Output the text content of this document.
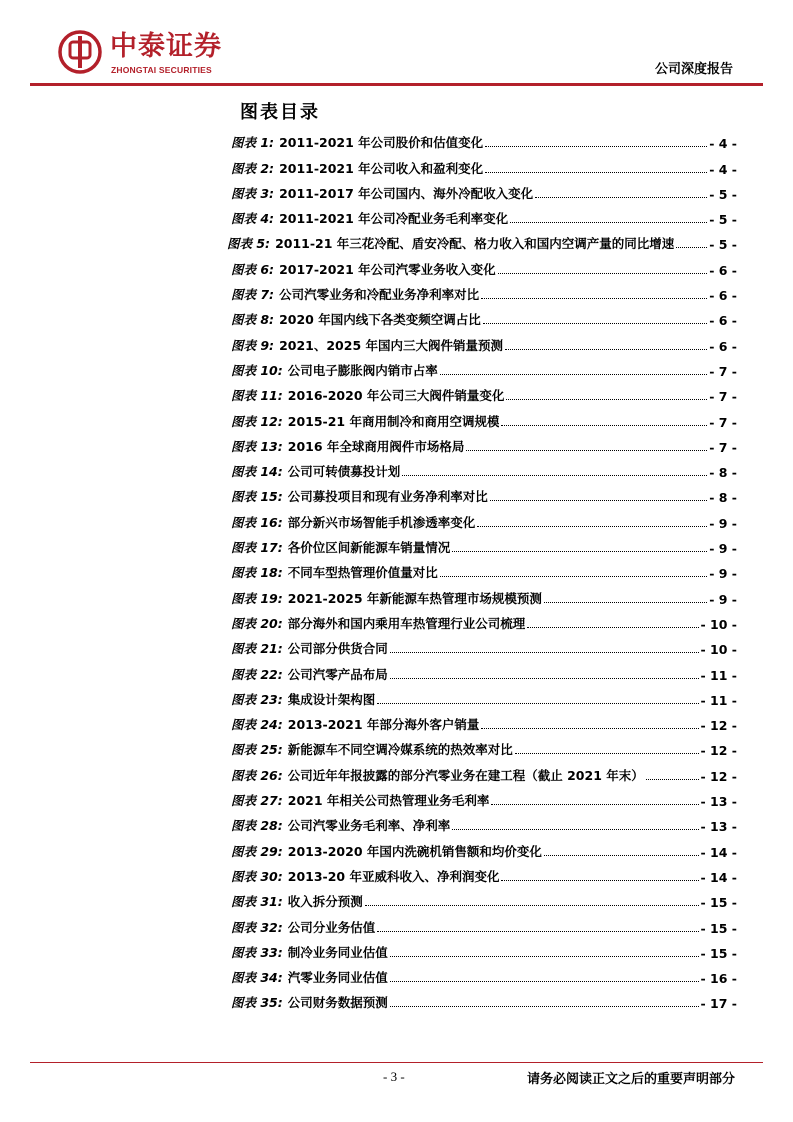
中泰证券
ZHONGTAI SECURITIES	公司深度报告
图表目录
图表 1: 2011-2021 年公司股价和估值变化	- 4 -
图表 2: 2011-2021 年公司收入和盈利变化	- 4 -
图表 3: 2011-2017 年公司国内、海外冷配收入变化	- 5 -
图表 4: 2011-2021 年公司冷配业务毛利率变化	- 5 -
图表 5: 2011-21 年三花冷配、盾安冷配、格力收入和国内空调产量的同比增速	- 5 -
图表 6: 2017-2021 年公司汽零业务收入变化	- 6 -
图表 7: 公司汽零业务和冷配业务净利率对比	- 6 -
图表 8: 2020 年国内线下各类变频空调占比	- 6 -
图表 9: 2021、2025 年国内三大阀件销量预测	- 6 -
图表 10: 公司电子膨胀阀内销市占率	- 7 -
图表 11: 2016-2020 年公司三大阀件销量变化	- 7 -
图表 12: 2015-21 年商用制冷和商用空调规模	- 7 -
图表 13: 2016 年全球商用阀件市场格局	- 7 -
图表 14: 公司可转债募投计划	- 8 -
图表 15: 公司募投项目和现有业务净利率对比	- 8 -
图表 16: 部分新兴市场智能手机渗透率变化	- 9 -
图表 17: 各价位区间新能源车销量情况	- 9 -
图表 18: 不同车型热管理价值量对比	- 9 -
图表 19: 2021-2025 年新能源车热管理市场规模预测	- 9 -
图表 20: 部分海外和国内乘用车热管理行业公司梳理	- 10 -
图表 21: 公司部分供货合同	- 10 -
图表 22: 公司汽零产品布局	- 11 -
图表 23: 集成设计架构图	- 11 -
图表 24: 2013-2021 年部分海外客户销量	- 12 -
图表 25: 新能源车不同空调冷媒系统的热效率对比	- 12 -
图表 26: 公司近年年报披露的部分汽零业务在建工程（截止 2021 年末）	- 12 -
图表 27: 2021 年相关公司热管理业务毛利率	- 13 -
图表 28: 公司汽零业务毛利率、净利率	- 13 -
图表 29: 2013-2020 年国内洗碗机销售额和均价变化	- 14 -
图表 30: 2013-20 年亚威科收入、净利润变化	- 14 -
图表 31: 收入拆分预测	- 15 -
图表 32: 公司分业务估值	- 15 -
图表 33: 制冷业务同业估值	- 15 -
图表 34: 汽零业务同业估值	- 16 -
图表 35: 公司财务数据预测	- 17 -
- 3 -	请务必阅读正文之后的重要声明部分
